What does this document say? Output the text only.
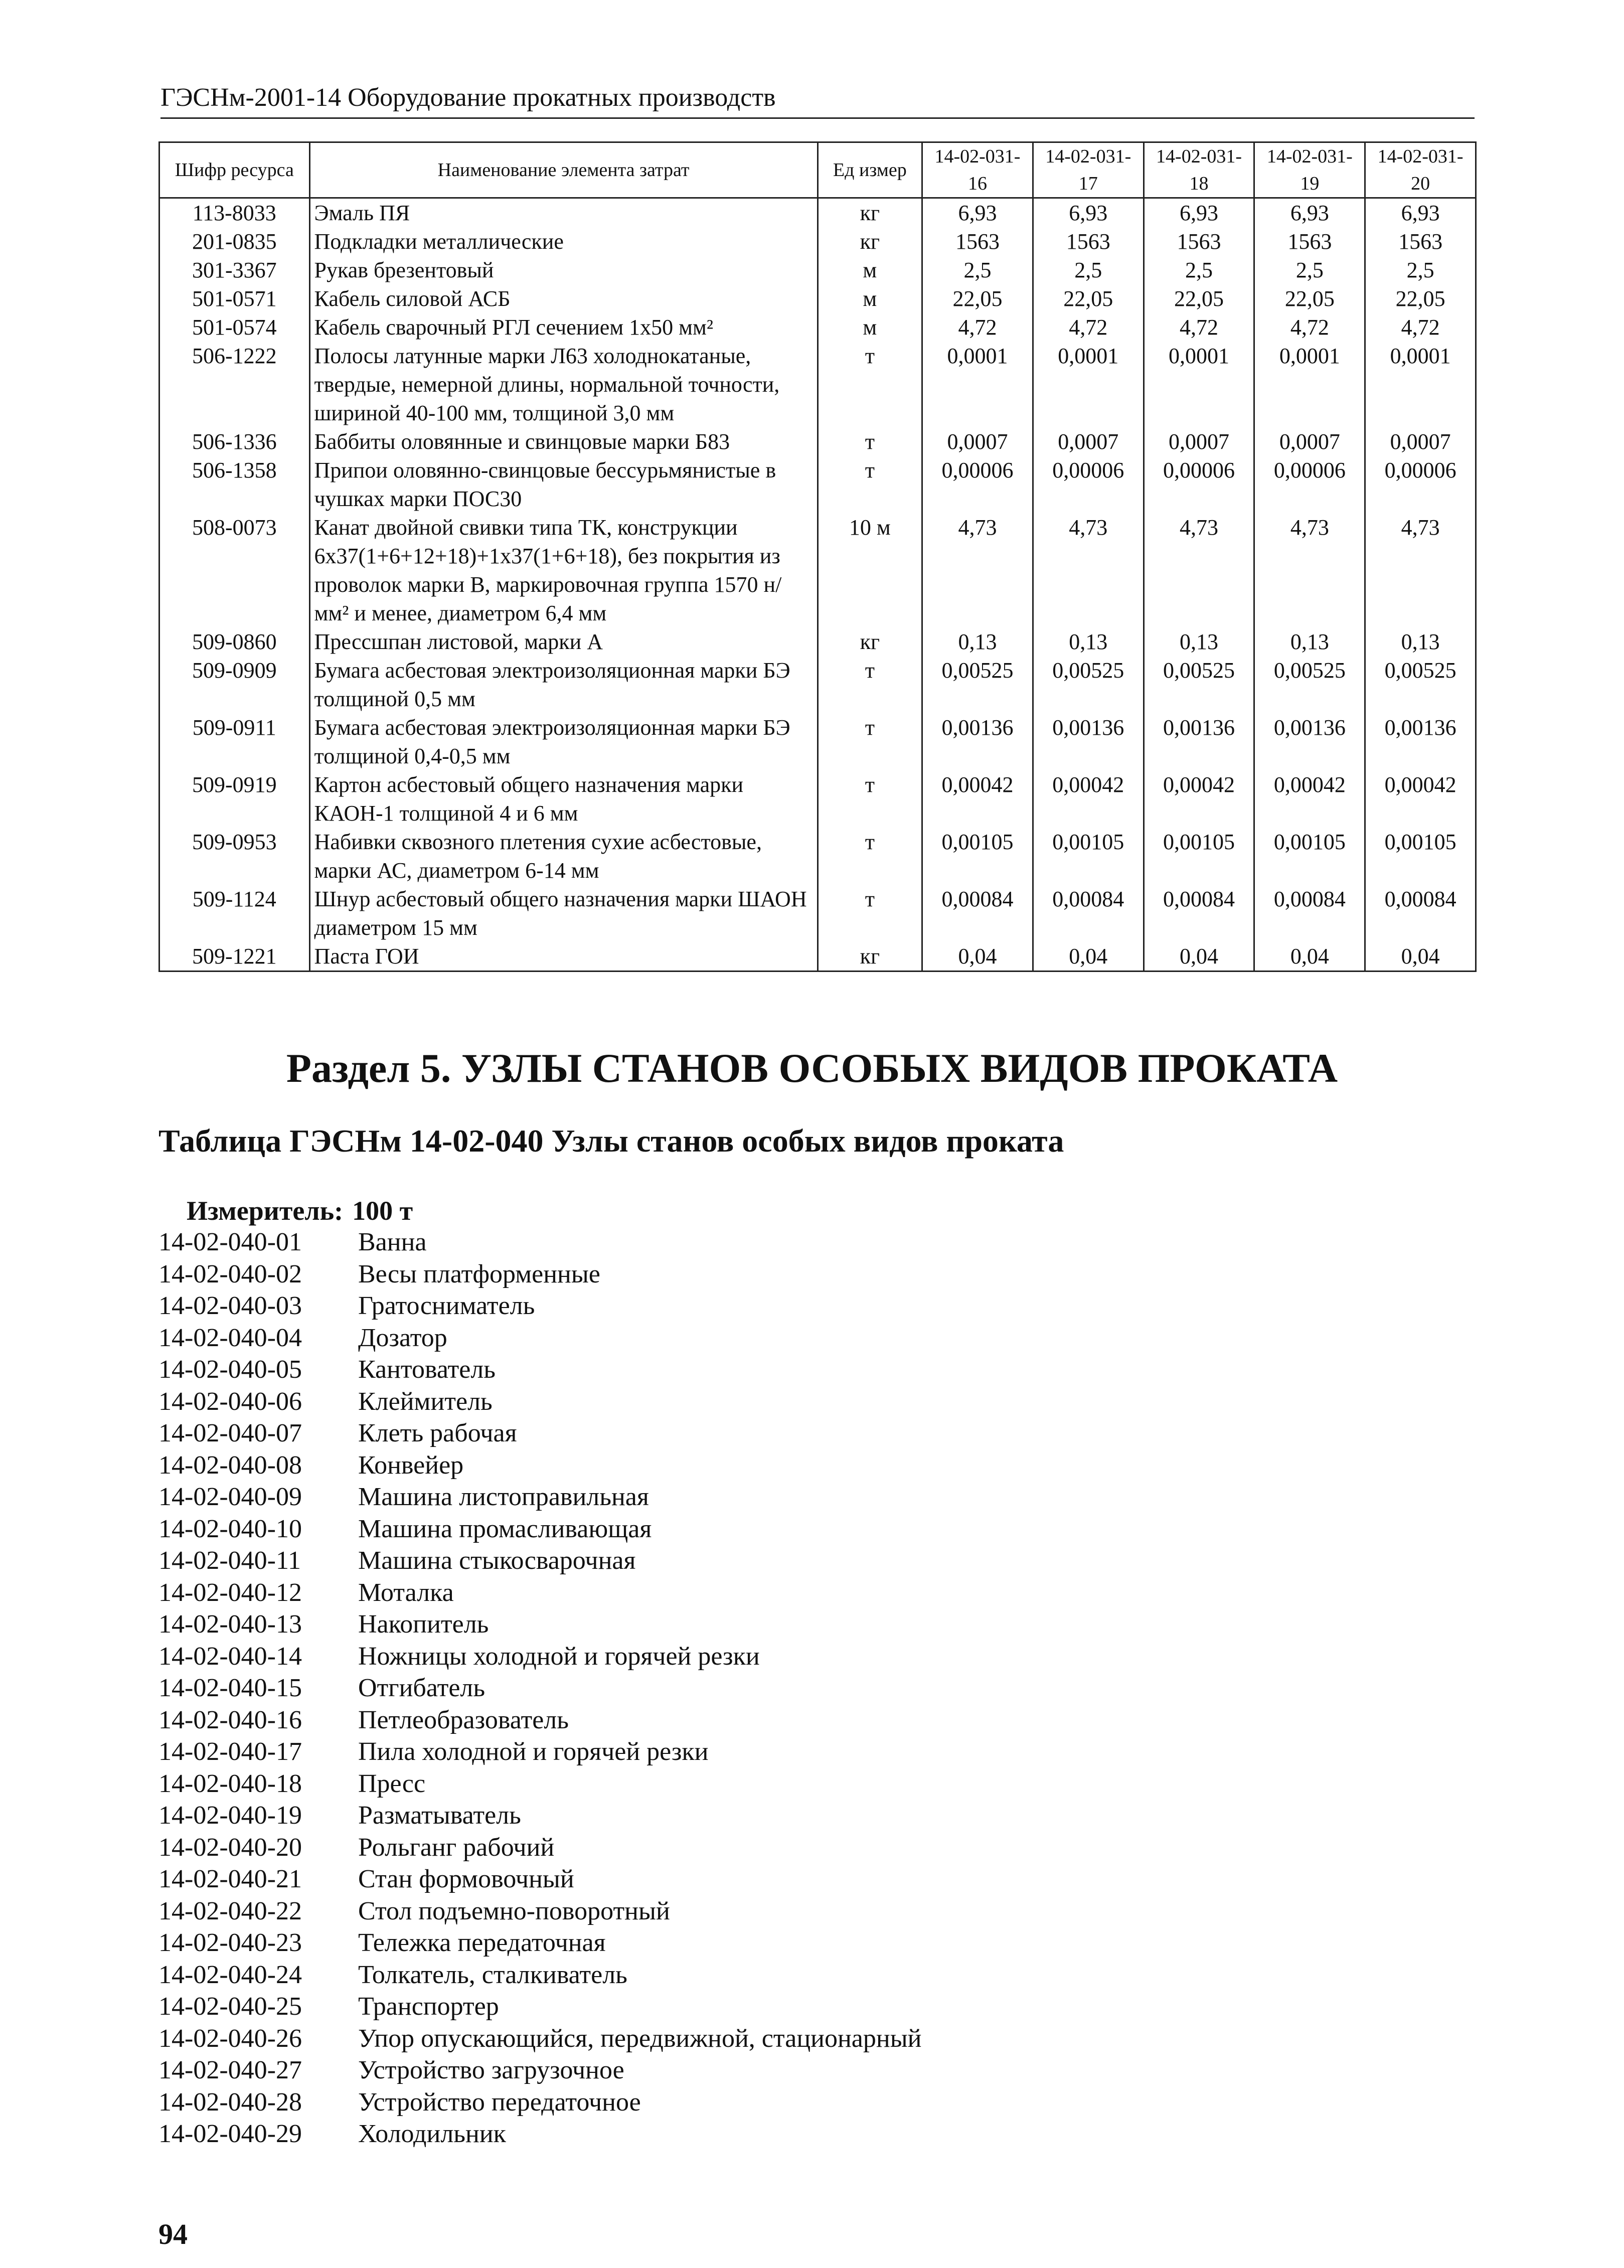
ГЭСНм-2001-14 Оборудование прокатных производств
Шифр ресурса	Наименование элемента затрат	Ед измер	14-02-031-16	14-02-031-17	14-02-031-18	14-02-031-19	14-02-031-20
113-8033	Эмаль ПЯ	кг	6,93	6,93	6,93	6,93	6,93
201-0835	Подкладки металлические	кг	1563	1563	1563	1563	1563
301-3367	Рукав брезентовый	м	2,5	2,5	2,5	2,5	2,5
501-0571	Кабель силовой АСБ	м	22,05	22,05	22,05	22,05	22,05
501-0574	Кабель сварочный РГЛ сечением 1х50 мм²	м	4,72	4,72	4,72	4,72	4,72
506-1222	Полосы латунные марки Л63 холоднокатаные, твердые, немерной длины, нормальной точности, шириной 40-100 мм, толщиной 3,0 мм	т	0,0001	0,0001	0,0001	0,0001	0,0001
506-1336	Баббиты оловянные и свинцовые марки Б83	т	0,0007	0,0007	0,0007	0,0007	0,0007
506-1358	Припои оловянно-свинцовые бессурьмянистые в чушках марки ПОС30	т	0,00006	0,00006	0,00006	0,00006	0,00006
508-0073	Канат двойной свивки типа ТК, конструкции 6х37(1+6+12+18)+1х37(1+6+18), без покрытия из проволок марки В, маркировочная группа 1570 н/мм² и менее, диаметром 6,4 мм	10 м	4,73	4,73	4,73	4,73	4,73
509-0860	Прессшпан листовой, марки А	кг	0,13	0,13	0,13	0,13	0,13
509-0909	Бумага асбестовая электроизоляционная марки БЭ толщиной 0,5 мм	т	0,00525	0,00525	0,00525	0,00525	0,00525
509-0911	Бумага асбестовая электроизоляционная марки БЭ толщиной 0,4-0,5 мм	т	0,00136	0,00136	0,00136	0,00136	0,00136
509-0919	Картон асбестовый общего назначения марки КАОН-1 толщиной 4 и 6 мм	т	0,00042	0,00042	0,00042	0,00042	0,00042
509-0953	Набивки сквозного плетения сухие асбестовые, марки АС, диаметром 6-14 мм	т	0,00105	0,00105	0,00105	0,00105	0,00105
509-1124	Шнур асбестовый общего назначения марки ШАОН диаметром 15 мм	т	0,00084	0,00084	0,00084	0,00084	0,00084
509-1221	Паста ГОИ	кг	0,04	0,04	0,04	0,04	0,04
Раздел 5. УЗЛЫ СТАНОВ ОСОБЫХ ВИДОВ ПРОКАТА
Таблица ГЭСНм 14-02-040 Узлы станов особых видов проката
Измеритель: 100 т
14-02-040-01 Ванна
14-02-040-02 Весы платформенные
14-02-040-03 Гратосниматель
14-02-040-04 Дозатор
14-02-040-05 Кантователь
14-02-040-06 Клеймитель
14-02-040-07 Клеть рабочая
14-02-040-08 Конвейер
14-02-040-09 Машина листоправильная
14-02-040-10 Машина промасливающая
14-02-040-11 Машина стыкосварочная
14-02-040-12 Моталка
14-02-040-13 Накопитель
14-02-040-14 Ножницы холодной и горячей резки
14-02-040-15 Отгибатель
14-02-040-16 Петлеобразователь
14-02-040-17 Пила холодной и горячей резки
14-02-040-18 Пресс
14-02-040-19 Разматыватель
14-02-040-20 Рольганг рабочий
14-02-040-21 Стан формовочный
14-02-040-22 Стол подъемно-поворотный
14-02-040-23 Тележка передаточная
14-02-040-24 Толкатель, сталкиватель
14-02-040-25 Транспортер
14-02-040-26 Упор опускающийся, передвижной, стационарный
14-02-040-27 Устройство загрузочное
14-02-040-28 Устройство передаточное
14-02-040-29 Холодильник
94
